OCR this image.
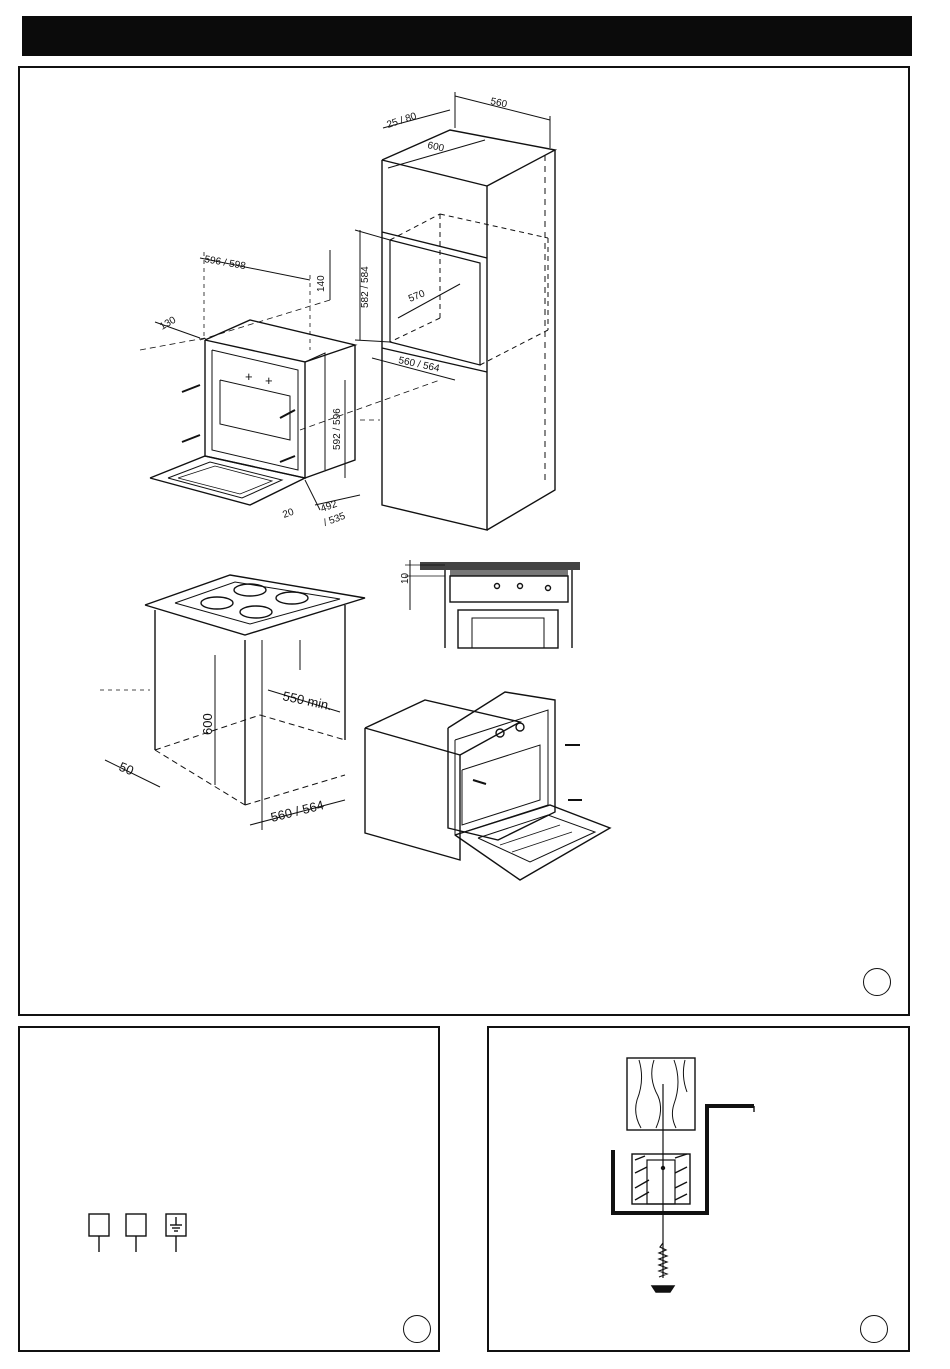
+ +
25 / 80
560
600
570
582 / 584
560 / 564
596 / 598
140
130
592 / 596
20 492
/ 535
10
550 min.
600
50
560 / 564
